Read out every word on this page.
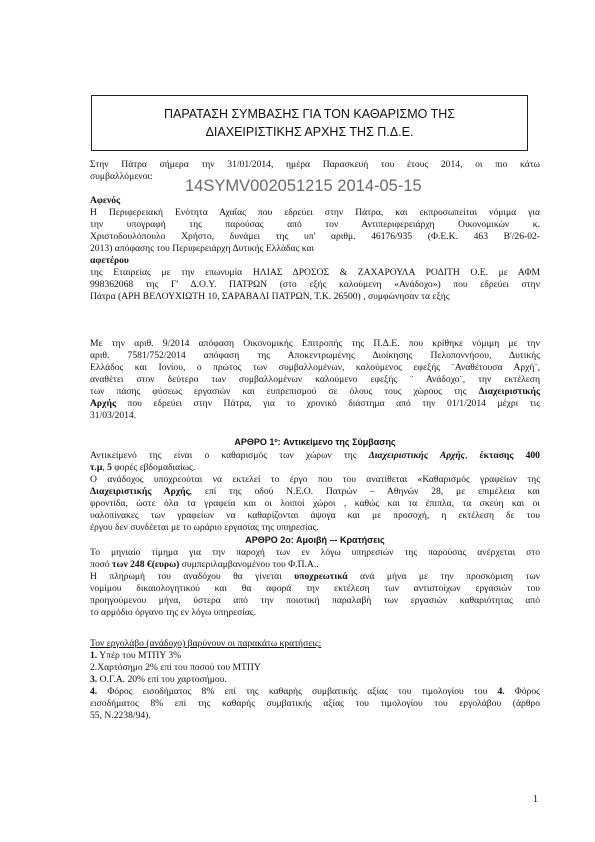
ΠΑΡΑΤΑΣΗ ΣΥΜΒΑΣΗΣ ΓΙΑ ΤΟΝ ΚΑΘΑΡΙΣΜΟ ΤΗΣ
ΔΙΑΧΕΙΡΙΣΤΙΚΗΣ ΑΡΧΗΣ ΤΗΣ Π.Δ.Ε.
Στην Πάτρα σήμερα την 31/01/2014, ημέρα Παρασκευή του έτους 2014, οι πιο κάτω
συμβαλλόμενοι:
14SYMV002051215 2014-05-15
Αφενός
Η Περιφερειακή Ενότητα Αχαΐας που εδρεύει στην Πάτρα, και εκπροσωπείται νόμιμα για
την υπογραφή της παρούσας από τον Αντιπεριφερειάρχη Οικονομικών κ.
Χριστοδουλόπουλο Χρήστο, δυνάμει της υπ' αριθμ. 46176/935 (Φ.Ε.Κ. 463 Β'/26-02-
2013) απόφασης του Περιφερειάρχη Δυτικής Ελλάδας και
αφετέρου
της Εταιρείας με την επωνυμία ΗΛΙΑΣ ΔΡΟΣΟΣ & ΖΑΧΑΡΟΥΛΑ ΡΟΔΙΤΗ Ο.Ε. με ΑΦΜ
998362068 της Γ' Δ.Ο.Υ. ΠΑΤΡΩΝ (στο εξής καλούμενη «Ανάδοχο») που εδρεύει στην
Πάτρα (ΑΡΗ ΒΕΛΟΥΧΙΩΤΗ 10, ΣΑΡΑΒΑΛΙ ΠΑΤΡΩΝ, Τ.Κ. 26500) , συμφώνησαν τα εξής
Με την αριθ. 9/2014 απόφαση Οικονομικής Επιτροπής της Π.Δ.Ε. που κρίθηκε νόμιμη με την
αριθ. 7581/752/2014 απόφαση της Αποκεντρωμένης Διοίκησης Πελοποννήσου, Δυτικής
Ελλάδος και Ιονίου, ο πρώτος των συμβαλλομένων, καλούμενος εφεξής ¨Αναθέτουσα Αρχή¨,
αναθέτει στον δεύτερο των συμβαλλομένων καλούμενο εφεξής ¨ Ανάδοχο¨, την εκτέλεση
των πάσης φύσεως εργασιών και ευπρεπισμού σε όλους τους χώρους της Διαχειριστικής
Αρχής που εδρεύει στην Πάτρα, για το χρονικό διάστημα από την 01/1/2014 μέχρι τις
31/03/2014.
ΑΡΘΡΟ 1º: Αντικείμενο της Σύμβασης
Αντικείμενό της είναι ο καθαρισμός των χώρων της Διαχειριστικής Αρχής, έκτασης 400
τ.μ, 5 φορές εβδομαδιαίως.
Ο ανάδοχος υποχρεούται να εκτελεί το έργο που του ανατίθεται «Καθαρισμός γραφείων της
Διαχειριστικής Αρχής, επί της οδού Ν.Ε.Ο. Πατρών – Αθηνών 28, με επιμέλεια και
φροντίδα, ώστε όλα τα γραφεία και οι λοιποί χώροι , καθώς και τα έπιπλα, τα σκεύη και οι
υαλοπίνακες των γραφείων να καθαρίζονται άψογα και με προσοχή, η εκτέλεση δε του
έργου δεν συνδέεται με το ωράριο εργασίας της υπηρεσίας.
ΑΡΘΡΟ 2ο: Αμοιβή –- Κρατήσεις
Το μηνιαίο τίμημα για την παροχή των εν λόγω υπηρεσιών της παρούσας ανέρχεται στο
ποσό των 248 €(ευρω) συμπεριλαμβανομένου του Φ.Π.Α..
Η πληρωμή του αναδόχου θα γίνεται υποχρεωτικά ανά μήνα με την προσκόμιση των
νομίμου δικαιολογητικού και θα αφορά την εκτέλεση των αντιστοίχων εργασιών του
προηγούμενου μήνα, ύστερα από την ποιοτική παραλαβή των εργασιών καθαριότητας από
το αρμόδιο όργανο της εν λόγω υπηρεσίας.
Τον εργολάβο (ανάδοχο) βαρύνουν οι παρακάτω κρατήσεις:
1. Υπέρ του ΜΤΠΥ 3%
2.Χαρτόσημο 2% επί του ποσού του ΜΤΠΥ
3. Ο.Γ.Α. 20% επί του χαρτοσήμου.
4. Φόρος εισοδήματος 8% επί της καθαρής συμβατικής αξίας του τιμολογίου του 4. Φόρος
εισοδήματος 8% επί της καθαρής συμβατικής αξίας του τιμολογίου του εργολάβου (άρθρο
55, Ν.2238/94).
1
